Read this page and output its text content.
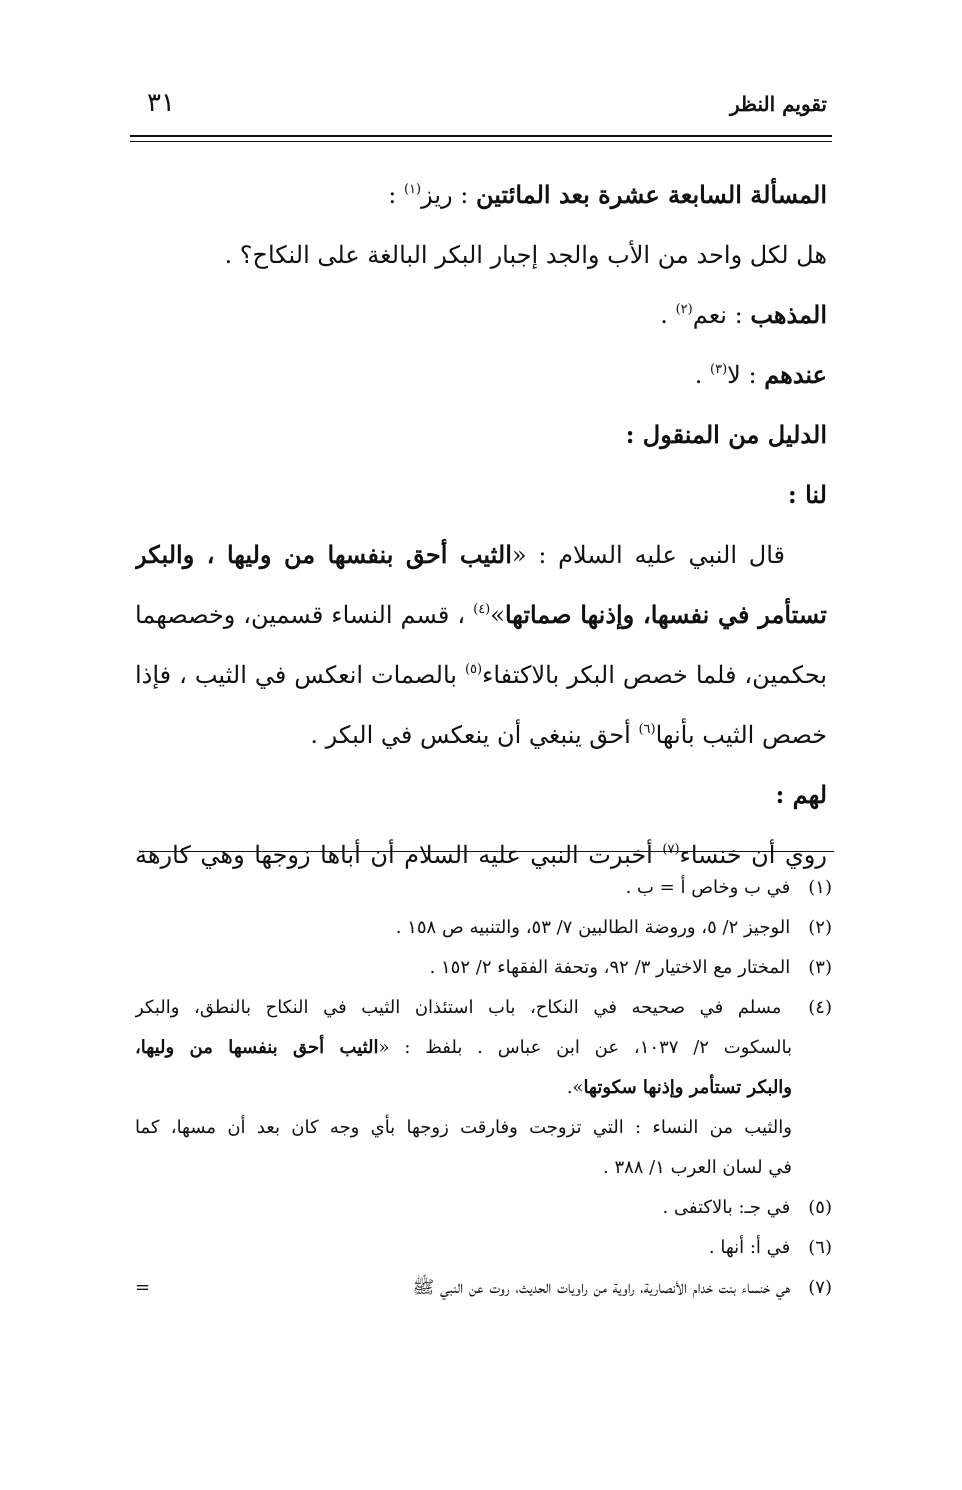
تقويم النظر
٣١
المسألة السابعة عشرة بعد المائتين : ريز$^{(١)}$ :
هل لكل واحد من الأب والجد إجبار البكر البالغة على النكاح؟ .
المذهب : نعم$^{(٢)}$ .
عندهم : لا$^{(٣)}$ .
الدليل من المنقول :
لنا :
قال النبي عليه السلام : «الثيب أحق بنفسها من وليها ، والبكر
تستأمر في نفسها، وإذنها صماتها»$^{(٤)}$ ، قسم النساء قسمين، وخصصهما
بحكمين، فلما خصص البكر بالاكتفاء$^{(٥)}$ بالصمات انعكس في الثيب ، فإذا
خصص الثيب بأنها$^{(٦)}$ أحق ينبغي أن ينعكس في البكر .
لهم :
روي أن خنساء$^{(٧)}$ أخبرت النبي عليه السلام أن أباها زوجها وهي كارهة
(١) في ب وخاص أ = ب .
(٢) الوجيز ٢/ ٥، وروضة الطالبين ٧/ ٥٣، والتنبيه ص ١٥٨ .
(٣) المختار مع الاختيار ٣/ ٩٢، وتحفة الفقهاء ٢/ ١٥٢ .
(٤) مسلم في صحيحه في النكاح، باب استئذان الثيب في النكاح بالنطق، والبكر
بالسكوت ٢/ ١٠٣٧، عن ابن عباس . بلفظ : «الثيب أحق بنفسها من وليها،
والبكر تستأمر وإذنها سكوتها».
والثيب من النساء : التي تزوجت وفارقت زوجها بأي وجه كان بعد أن مسها، كما
في لسان العرب ١/ ٣٨٨ .
(٥) في جـ: بالاكتفى .
(٦) في أ: أنها .
(٧) هي خنساء بنت خدام الأنصارية، راوية من راويات الحديث، روت عن النبي ﷺ
=
